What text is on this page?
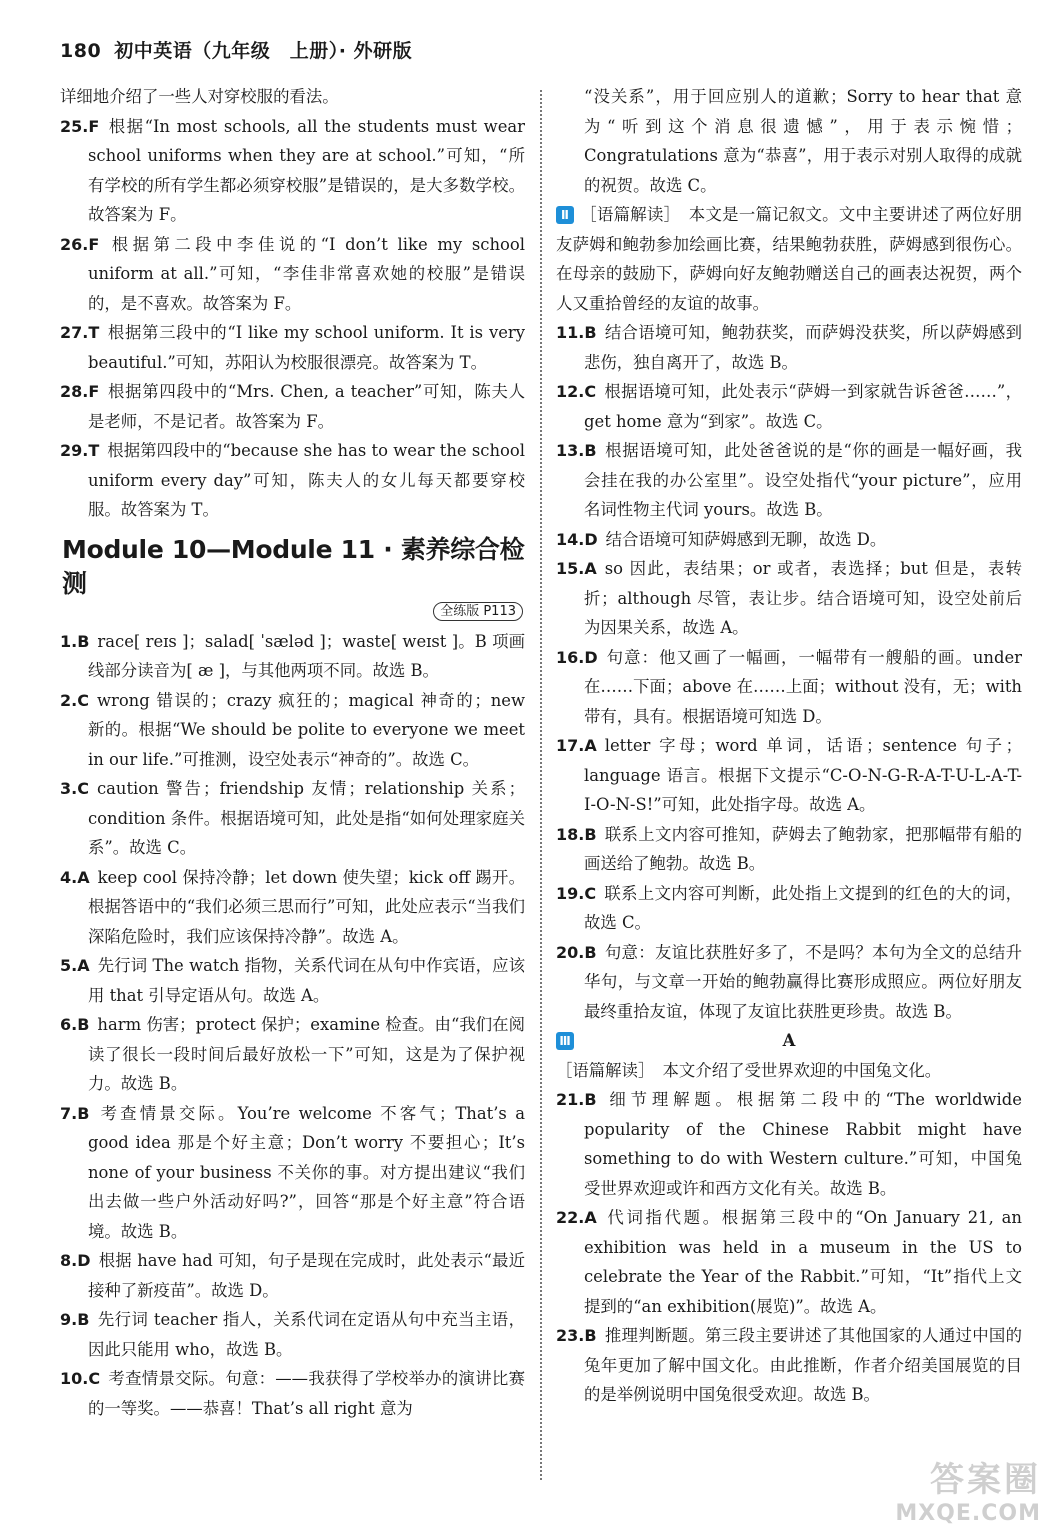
180 初中英语（九年级　上册）· 外研版

详细地介绍了一些人对穿校服的看法。

25.F 根据“In most schools, all the students must wear school uniforms when they are at school.”可知，“所有学校的所有学生都必须穿校服”是错误的，是大多数学校。故答案为 F。

26.F 根据第二段中李佳说的“I don’t like my school uniform at all.”可知，“李佳非常喜欢她的校服”是错误的，是不喜欢。故答案为 F。

27.T 根据第三段中的“I like my school uniform. It is very beautiful.”可知，苏阳认为校服很漂亮。故答案为 T。

28.F 根据第四段中的“Mrs. Chen, a teacher”可知，陈夫人是老师，不是记者。故答案为 F。

29.T 根据第四段中的“because she has to wear the school uniform every day”可知，陈夫人的女儿每天都要穿校服。故答案为 T。

Module 10—Module 11 · 素养综合检测
全练版 P113

1.B race[ reɪs ]；salad[ ˈsæləd ]；waste[ weɪst ]。B 项画线部分读音为[ æ ]，与其他两项不同。故选 B。

2.C wrong 错误的；crazy 疯狂的；magical 神奇的；new 新的。根据“We should be polite to everyone we meet in our life.”可推测，设空处表示“神奇的”。故选 C。

3.C caution 警告；friendship 友情；relationship 关系；condition 条件。根据语境可知，此处是指“如何处理家庭关系”。故选 C。

4.A keep cool 保持冷静；let down 使失望；kick off 踢开。根据答语中的“我们必须三思而行”可知，此处应表示“当我们深陷危险时，我们应该保持冷静”。故选 A。

5.A 先行词 The watch 指物，关系代词在从句中作宾语，应该用 that 引导定语从句。故选 A。

6.B harm 伤害；protect 保护；examine 检查。由“我们在阅读了很长一段时间后最好放松一下”可知，这是为了保护视力。故选 B。

7.B 考查情景交际。You’re welcome 不客气；That’s a good idea 那是个好主意；Don’t worry 不要担心；It’s none of your business 不关你的事。对方提出建议“我们出去做一些户外活动好吗?”，回答“那是个好主意”符合语境。故选 B。

8.D 根据 have had 可知，句子是现在完成时，此处表示“最近接种了新疫苗”。故选 D。

9.B 先行词 teacher 指人，关系代词在定语从句中充当主语，因此只能用 who，故选 B。

10.C 考查情景交际。句意：——我获得了学校举办的演讲比赛的一等奖。——恭喜！That’s all right 意为

“没关系”，用于回应别人的道歉；Sorry to hear that 意为“听到这个消息很遗憾”，用于表示惋惜；Congratulations 意为“恭喜”，用于表示对别人取得的成就的祝贺。故选 C。

Ⅱ ［语篇解读］　本文是一篇记叙文。文中主要讲述了两位好朋友萨姆和鲍勃参加绘画比赛，结果鲍勃获胜，萨姆感到很伤心。在母亲的鼓励下，萨姆向好友鲍勃赠送自己的画表达祝贺，两个人又重拾曾经的友谊的故事。

11.B 结合语境可知，鲍勃获奖，而萨姆没获奖，所以萨姆感到悲伤，独自离开了，故选 B。

12.C 根据语境可知，此处表示“萨姆一到家就告诉爸爸……”，get home 意为“到家”。故选 C。

13.B 根据语境可知，此处爸爸说的是“你的画是一幅好画，我会挂在我的办公室里”。设空处指代“your picture”，应用名词性物主代词 yours。故选 B。

14.D 结合语境可知萨姆感到无聊，故选 D。

15.A so 因此，表结果；or 或者，表选择；but 但是，表转折；although 尽管，表让步。结合语境可知，设空处前后为因果关系，故选 A。

16.D 句意：他又画了一幅画，一幅带有一艘船的画。under 在……下面；above 在……上面；without 没有，无；with 带有，具有。根据语境可知选 D。

17.A letter 字母；word 单词，话语；sentence 句子；language 语言。根据下文提示“C-O-N-G-R-A-T-U-L-A-T-I-O-N-S!”可知，此处指字母。故选 A。

18.B 联系上文内容可推知，萨姆去了鲍勃家，把那幅带有船的画送给了鲍勃。故选 B。

19.C 联系上文内容可判断，此处指上文提到的红色的大的词，故选 C。

20.B 句意：友谊比获胜好多了，不是吗？本句为全文的总结升华句，与文章一开始的鲍勃赢得比赛形成照应。两位好朋友最终重拾友谊，体现了友谊比获胜更珍贵。故选 B。

Ⅲ	A

［语篇解读］　本文介绍了受世界欢迎的中国兔文化。

21.B 细节理解题。根据第二段中的“The worldwide popularity of the Chinese Rabbit might have something to do with Western culture.”可知，中国兔受世界欢迎或许和西方文化有关。故选 B。

22.A 代词指代题。根据第三段中的“On January 21, an exhibition was held in a museum in the US to celebrate the Year of the Rabbit.”可知，“It”指代上文提到的“an exhibition(展览)”。故选 A。

23.B 推理判断题。第三段主要讲述了其他国家的人通过中国的兔年更加了解中国文化。由此推断，作者介绍美国展览的目的是举例说明中国兔很受欢迎。故选 B。

答案圈
MXQE.COM
